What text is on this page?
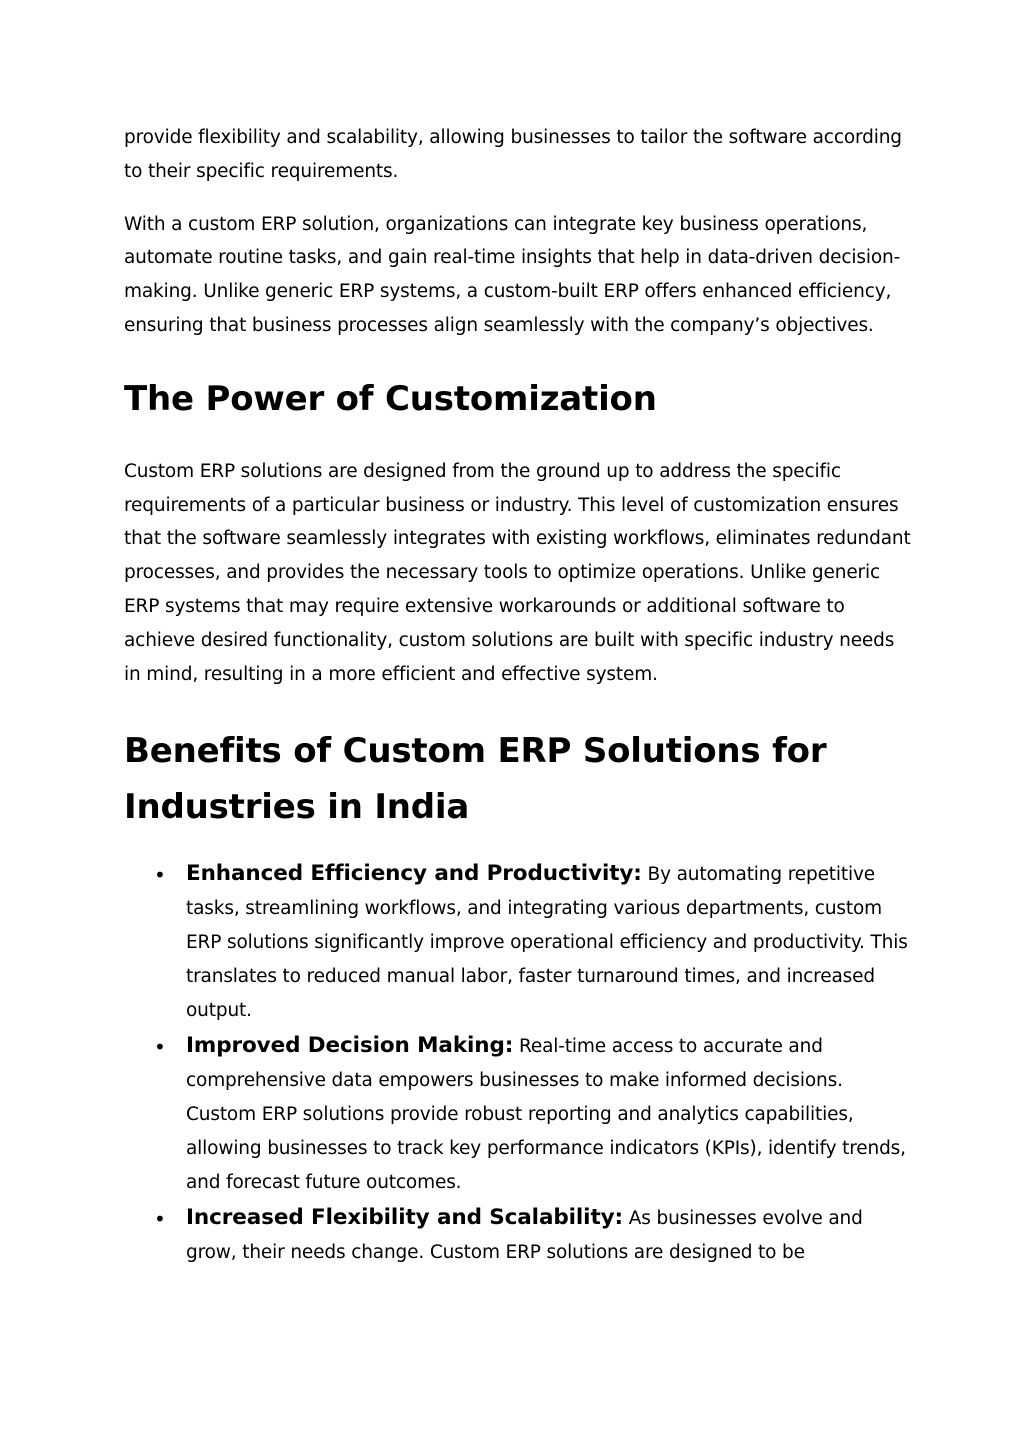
provide flexibility and scalability, allowing businesses to tailor the software according to their specific requirements.

With a custom ERP solution, organizations can integrate key business operations, automate routine tasks, and gain real-time insights that help in data-driven decision-making. Unlike generic ERP systems, a custom-built ERP offers enhanced efficiency, ensuring that business processes align seamlessly with the company’s objectives.

The Power of Customization

Custom ERP solutions are designed from the ground up to address the specific requirements of a particular business or industry. This level of customization ensures that the software seamlessly integrates with existing workflows, eliminates redundant processes, and provides the necessary tools to optimize operations. Unlike generic ERP systems that may require extensive workarounds or additional software to achieve desired functionality, custom solutions are built with specific industry needs in mind, resulting in a more efficient and effective system.

Benefits of Custom ERP Solutions for Industries in India
• Enhanced Efficiency and Productivity: By automating repetitive tasks, streamlining workflows, and integrating various departments, custom ERP solutions significantly improve operational efficiency and productivity. This translates to reduced manual labor, faster turnaround times, and increased output.
• Improved Decision Making: Real-time access to accurate and comprehensive data empowers businesses to make informed decisions. Custom ERP solutions provide robust reporting and analytics capabilities, allowing businesses to track key performance indicators (KPIs), identify trends, and forecast future outcomes.
• Increased Flexibility and Scalability: As businesses evolve and grow, their needs change. Custom ERP solutions are designed to be
